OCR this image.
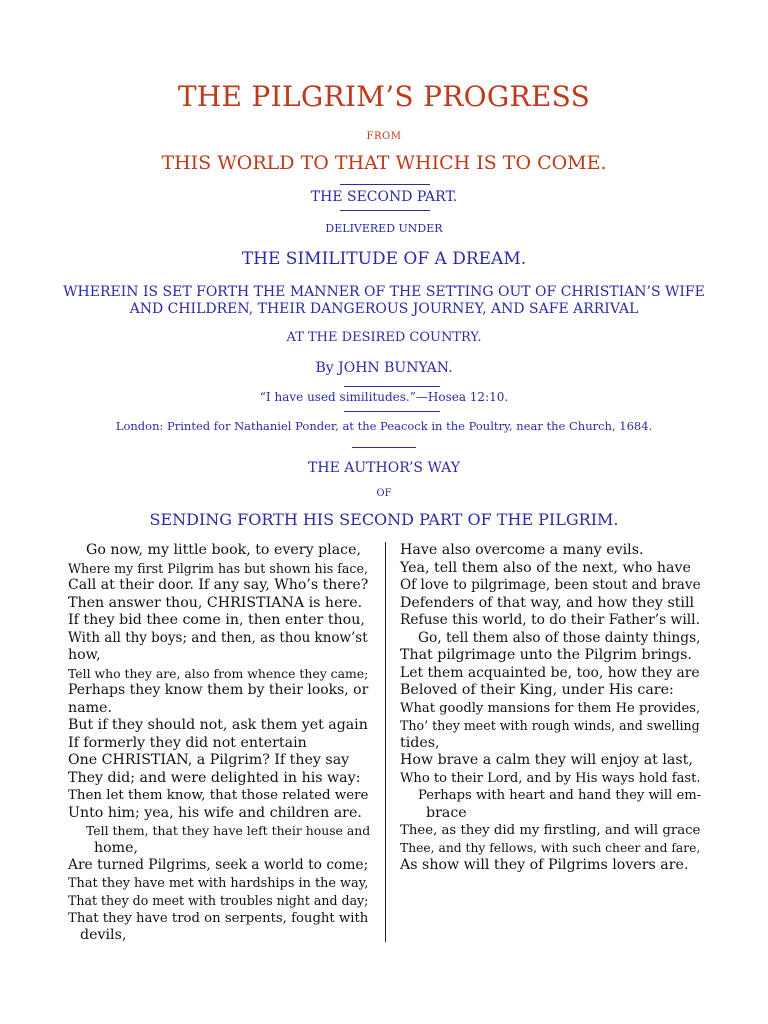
THE PILGRIM’S PROGRESS
FROM
THIS WORLD TO THAT WHICH IS TO COME.
THE SECOND PART.
DELIVERED UNDER
THE SIMILITUDE OF A DREAM.
WHEREIN IS SET FORTH THE MANNER OF THE SETTING OUT OF CHRISTIAN’S WIFE AND CHILDREN, THEIR DANGEROUS JOURNEY, AND SAFE ARRIVAL
AT THE DESIRED COUNTRY.
By JOHN BUNYAN.
“I have used similitudes.”—Hosea 12:10.
London: Printed for Nathaniel Ponder, at the Peacock in the Poultry, near the Church, 1684.
THE AUTHOR’S WAY
OF
SENDING FORTH HIS SECOND PART OF THE PILGRIM.
Go now, my little book, to every place,
Where my first Pilgrim has but shown his face,
Call at their door. If any say, Who’s there?
Then answer thou, CHRISTIANA is here.
If they bid thee come in, then enter thou,
With all thy boys; and then, as thou know’st
how,
Tell who they are, also from whence they came;
Perhaps they know them by their looks, or
name.
But if they should not, ask them yet again
If formerly they did not entertain
One CHRISTIAN, a Pilgrim? If they say
They did; and were delighted in his way:
Then let them know, that those related were
Unto him; yea, his wife and children are.
Tell them, that they have left their house and
home,
Are turned Pilgrims, seek a world to come;
That they have met with hardships in the way,
That they do meet with troubles night and day;
That they have trod on serpents, fought with
devils,
Have also overcome a many evils.
Yea, tell them also of the next, who have
Of love to pilgrimage, been stout and brave
Defenders of that way, and how they still
Refuse this world, to do their Father’s will.
Go, tell them also of those dainty things,
That pilgrimage unto the Pilgrim brings.
Let them acquainted be, too, how they are
Beloved of their King, under His care:
What goodly mansions for them He provides,
Tho’ they meet with rough winds, and swelling
tides,
How brave a calm they will enjoy at last,
Who to their Lord, and by His ways hold fast.
Perhaps with heart and hand they will em-
brace
Thee, as they did my firstling, and will grace
Thee, and thy fellows, with such cheer and fare,
As show will they of Pilgrims lovers are.
